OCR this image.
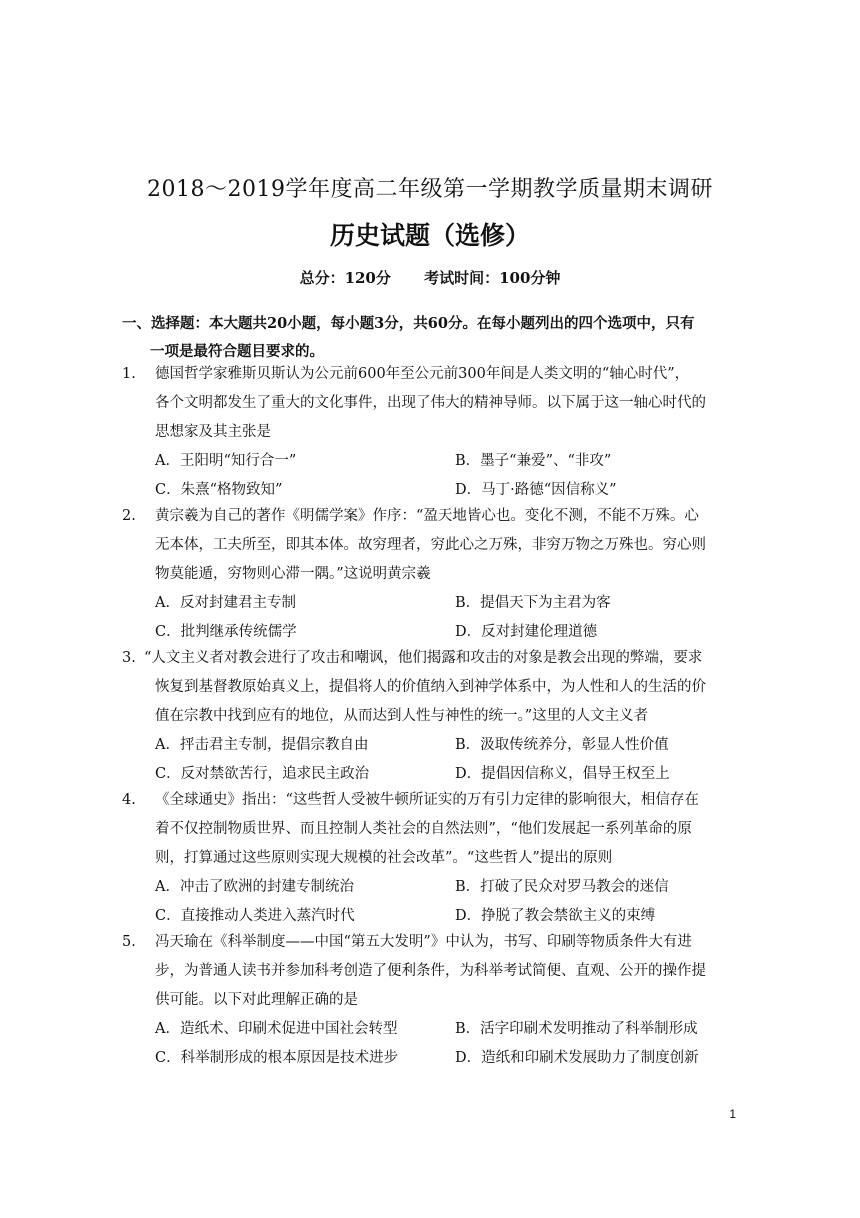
2018～2019学年度高二年级第一学期教学质量期末调研
历史试题（选修）
总分：120分 考试时间：100分钟
一、选择题：本大题共20小题，每小题3分，共60分。在每小题列出的四个选项中，只有
一项是最符合题目要求的。
1. 德国哲学家雅斯贝斯认为公元前600年至公元前300年间是人类文明的“轴心时代”，
各个文明都发生了重大的文化事件，出现了伟大的精神导师。以下属于这一轴心时代的
思想家及其主张是
A．王阳明“知行合一”	B．墨子“兼爱”、“非攻”
C．朱熹“格物致知”	D．马丁·路德“因信称义”
2. 黄宗羲为自己的著作《明儒学案》作序：“盈天地皆心也。变化不测，不能不万殊。心
无本体，工夫所至，即其本体。故穷理者，穷此心之万殊，非穷万物之万殊也。穷心则
物莫能遁，穷物则心滞一隅。”这说明黄宗羲
A．反对封建君主专制	B．提倡天下为主君为客
C．批判继承传统儒学	D．反对封建伦理道德
3. “人文主义者对教会进行了攻击和嘲讽，他们揭露和攻击的对象是教会出现的弊端，要求
恢复到基督教原始真义上，提倡将人的价值纳入到神学体系中，为人性和人的生活的价
值在宗教中找到应有的地位，从而达到人性与神性的统一。”这里的人文主义者
A．抨击君主专制，提倡宗教自由	B．汲取传统养分，彰显人性价值
C．反对禁欲苦行，追求民主政治	D．提倡因信称义，倡导王权至上
4. 《全球通史》指出：“这些哲人受被牛顿所证实的万有引力定律的影响很大，相信存在
着不仅控制物质世界、而且控制人类社会的自然法则”，“他们发展起一系列革命的原
则，打算通过这些原则实现大规模的社会改革”。“这些哲人”提出的原则
A．冲击了欧洲的封建专制统治	B．打破了民众对罗马教会的迷信
C．直接推动人类进入蒸汽时代	D．挣脱了教会禁欲主义的束缚
5. 冯天瑜在《科举制度——中国“第五大发明”》中认为，书写、印刷等物质条件大有进
步，为普通人读书并参加科考创造了便利条件，为科举考试简便、直观、公开的操作提
供可能。以下对此理解正确的是
A．造纸术、印刷术促进中国社会转型	B．活字印刷术发明推动了科举制形成
C．科举制形成的根本原因是技术进步	D．造纸和印刷术发展助力了制度创新
1
